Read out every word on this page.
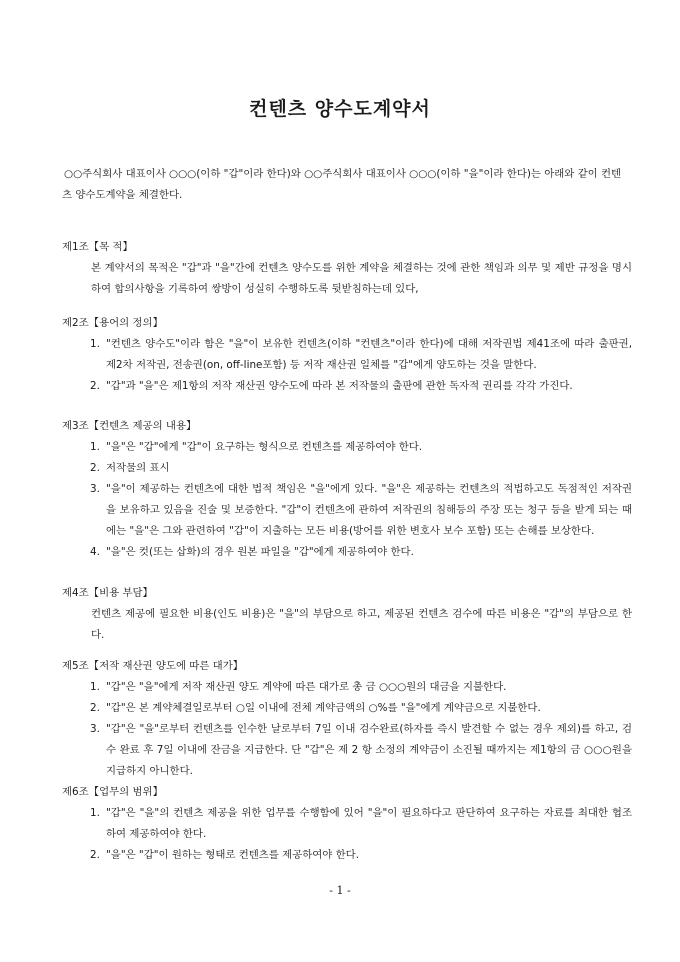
컨텐츠 양수도계약서
○○주식회사 대표이사 ○○○(이하 "갑"이라 한다)와 ○○주식회사 대표이사 ○○○(이하 "을"이라 한다)는 아래와 같이 컨텐츠 양수도계약을 체결한다.
제1조【목 적】
본 계약서의 목적은 "갑"과 "을"간에 컨텐츠 양수도를 위한 계약을 체결하는 것에 관한 책임과 의무 및 제반 규정을 명시하여 합의사항을 기록하여 쌍방이 성실히 수행하도록 뒷받침하는데 있다,
제2조【용어의 정의】
1. "컨텐츠 양수도"이라 함은 "을"이 보유한 컨텐츠(이하 "컨텐츠"이라 한다)에 대해 저작권법 제41조에 따라 출판권, 제2차 저작권, 전송권(on, off-line포함) 등 저작 재산권 일체를 "갑"에게 양도하는 것을 말한다.
2. "갑"과 "을"은 제1항의 저작 재산권 양수도에 따라 본 저작물의 출판에 관한 독자적 권리를 각각 가진다.
제3조【컨텐츠 제공의 내용】
1. "을"은 "갑"에게 "갑"이 요구하는 형식으로 컨텐츠를 제공하여야 한다.
2. 저작물의 표시
3. "을"이 제공하는 컨텐츠에 대한 법적 책임은 "을"에게 있다. "을"은 제공하는 컨텐츠의 적법하고도 독점적인 저작권을 보유하고 있음을 진술 및 보증한다. "갑"이 컨텐츠에 관하여 저작권의 침해등의 주장 또는 청구 등을 받게 되는 때에는 "을"은 그와 관련하여 "갑"이 지출하는 모든 비용(방어를 위한 변호사 보수 포함) 또는 손해를 보상한다.
4. "을"은 컷(또는 삽화)의 경우 원본 파일을 "갑"에게 제공하여야 한다.
제4조【비용 부담】
컨텐츠 제공에 필요한 비용(인도 비용)은 "을"의 부담으로 하고, 제공된 컨텐츠 검수에 따른 비용은 "갑"의 부담으로 한다.
제5조【저작 재산권 양도에 따른 대가】
1. "갑"은 "을"에게 저작 재산권 양도 계약에 따른 대가로 총 금 ○○○원의 대금을 지불한다.
2. "갑"은 본 계약체결일로부터 ○일 이내에 전체 계약금액의 ○%를 "을"에게 계약금으로 지불한다.
3. "갑"은 "을"로부터 컨텐츠를 인수한 날로부터 7일 이내 검수완료(하자를 즉시 발견할 수 없는 경우 제외)를 하고, 검수 완료 후 7일 이내에 잔금을 지급한다. 단 "갑"은 제 2 항 소정의 계약금이 소진될 때까지는 제1항의 금 ○○○원을 지급하지 아니한다.
제6조【업무의 범위】
1. "갑"은 "을"의 컨텐츠 제공을 위한 업무를 수행함에 있어 "을"이 필요하다고 판단하여 요구하는 자료를 최대한 협조하여 제공하여야 한다.
2. "을"은 "갑"이 원하는 형태로 컨텐츠를 제공하여야 한다.
- 1 -
